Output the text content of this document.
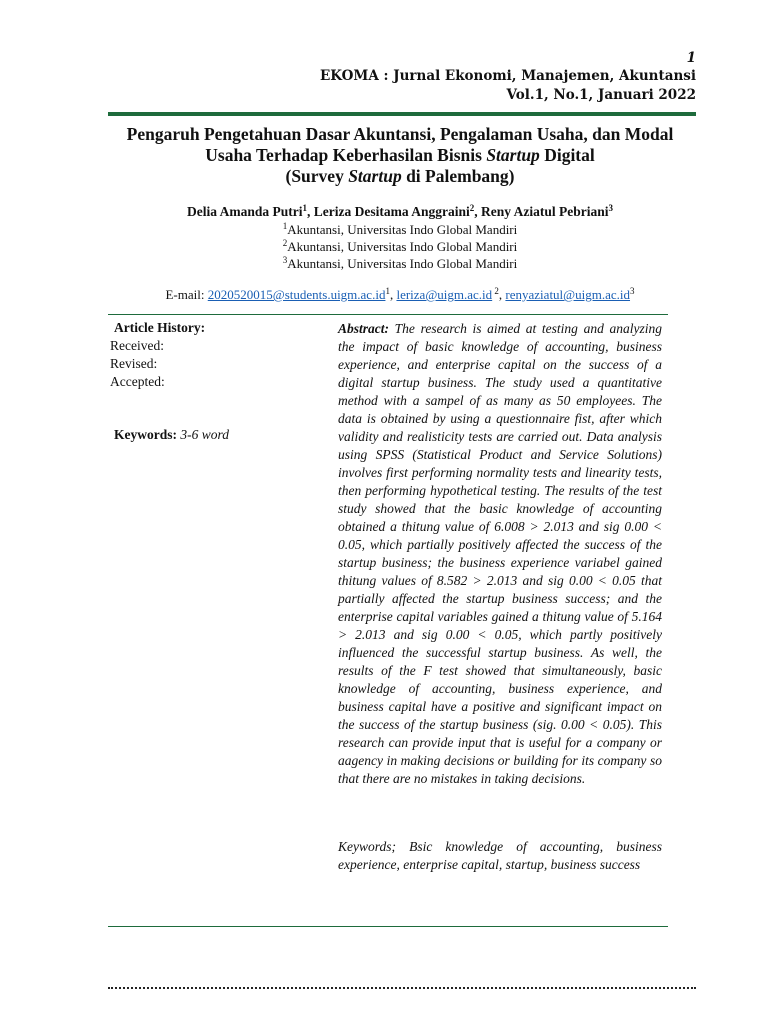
1
EKOMA : Jurnal Ekonomi, Manajemen, Akuntansi
Vol.1, No.1, Januari 2022
Pengaruh Pengetahuan Dasar Akuntansi, Pengalaman Usaha, dan Modal
Usaha Terhadap Keberhasilan Bisnis Startup Digital
(Survey Startup di Palembang)
Delia Amanda Putri$^1$, Leriza Desitama Anggraini$^2$, Reny Aziatul Pebriani$^3$
$^1$Akuntansi, Universitas Indo Global Mandiri
$^2$Akuntansi, Universitas Indo Global Mandiri
$^3$Akuntansi, Universitas Indo Global Mandiri
E-mail: $2020520015@students.uigm.ac.id^1$, leriza@uigm.ac.id $^2$, $renyaziatul@uigm.ac.id^3$
Article History:
Received:
Revised:
Accepted:
Keywords: 3-6 word
Abstract: The research is aimed at testing and analyzing the impact of basic knowledge of accounting, business experience, and enterprise capital on the success of a digital startup business. The study used a quantitative method with a sampel of as many as 50 employees. The data is obtained by using a questionnaire fist, after which validity and realisticity tests are carried out. Data analysis using SPSS (Statistical Product and Service Solutions) involves first performing normality tests and linearity tests, then performing hypothetical testing. The results of the test study showed that the basic knowledge of accounting obtained a thitung value of 6.008 > 2.013 and sig 0.00 < 0.05, which partially positively affected the success of the startup business; the business experience variabel gained thitung values of 8.582 > 2.013 and sig 0.00 < 0.05 that partially affected the startup business success; and the enterprise capital variables gained a thitung value of 5.164 > 2.013 and sig 0.00 < 0.05, which partly positively influenced the successful startup business. As well, the results of the F test showed that simultaneously, basic knowledge of accounting, business experience, and business capital have a positive and significant impact on the success of the startup business (sig. 0.00 < 0.05). This research can provide input that is useful for a company or aagency in making decisions or building for its company so that there are no mistakes in taking decisions.
Keywords; Bsic knowledge of accounting, business experience, enterprise capital, startup, business success
